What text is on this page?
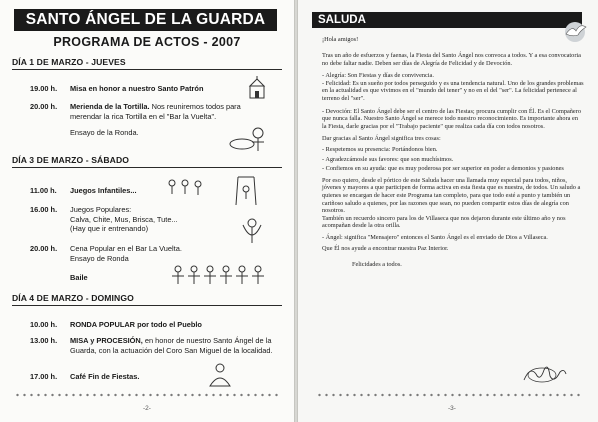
SANTO ÁNGEL DE LA GUARDA
PROGRAMA DE ACTOS - 2007
DÍA 1 DE MARZO - JUEVES
19.00 h. Misa en honor a nuestro Santo Patrón
20.00 h. Merienda de la Tortilla. Nos reuniremos todos para merendar la rica Tortilla en el "Bar la Vuelta".
Ensayo de la Ronda.
DÍA 3 DE MARZO - SÁBADO
11.00 h. Juegos Infantiles...
16.00 h. Juegos Populares:
Calva, Chite, Mus, Brisca, Tute...
(Hay que ir entrenando)
20.00 h. Cena Popular en el Bar La Vuelta.
Ensayo de Ronda
Baile
DÍA 4 DE MARZO - DOMINGO
10.00 h. RONDA POPULAR por todo el Pueblo
13.00 h. MISA y PROCESIÓN, en honor de nuestro Santo Ángel de la Guarda, con la actuación del Coro San Miguel de la localidad.
17.00 h. Café Fin de Fiestas.
-2-
SALUDA
¡Hola amigos!

Tras un año de esfuerzos y faenas, la Fiesta del Santo Ángel nos convoca a todos. Y a esa convocatoria no debe faltar nadie. Deben ser días de Alegría de Felicidad y de Devoción.

- Alegría: Son Fiestas y días de convivencia.

- Felicidad: Es un sueño por todos perseguido y es una tendencia natural. Uno de los grandes problemas en la actualidad es que vivimos en el "mundo del tener" y no en el del "ser". La felicidad pertenece al terreno del "ser".

- Devoción: El Santo Ángel debe ser el centro de las Fiestas; procura cumplir con Él. Es el Compañero que nunca falla. Nuestro Santo Ángel se merece todo nuestro reconocimiento. Es importante ahora en la Fiesta, darle gracias por el "Trabajo paciente" que realiza cada día con todos nosotros.

Dar gracias al Santo Ángel significa tres cosas:

- Respetemos su presencia: Portándonos bien.

- Agradezcámosle sus favores: que son muchísimos.

- Confiemos en su ayuda: que es muy poderosa por ser superior en poder a demonios y pasiones

Por eso quiero, desde el pórtico de este Saluda hacer una llamada muy especial para todos, niños, jóvenes y mayores a que participen de forma activa en esta fiesta que es nuestra, de todos. Un saludo a quienes se encargan de hacer este Programa tan completo, para que todo esté a punto y también un cariñoso saludo a quienes, por las razones que sean, no pueden compartir estos días de alegría con nosotros.

También un recuerdo sincero para los de Villaseca que nos dejaron durante este último año y nos acompañan desde la otra orilla.

- Ángel: significa "Mensajero" entonces el Santo Ángel es el enviado de Dios a Villaseca.

Que Él nos ayude a encontrar nuestra Paz Interior.

Felicidades a todos.

-3-
